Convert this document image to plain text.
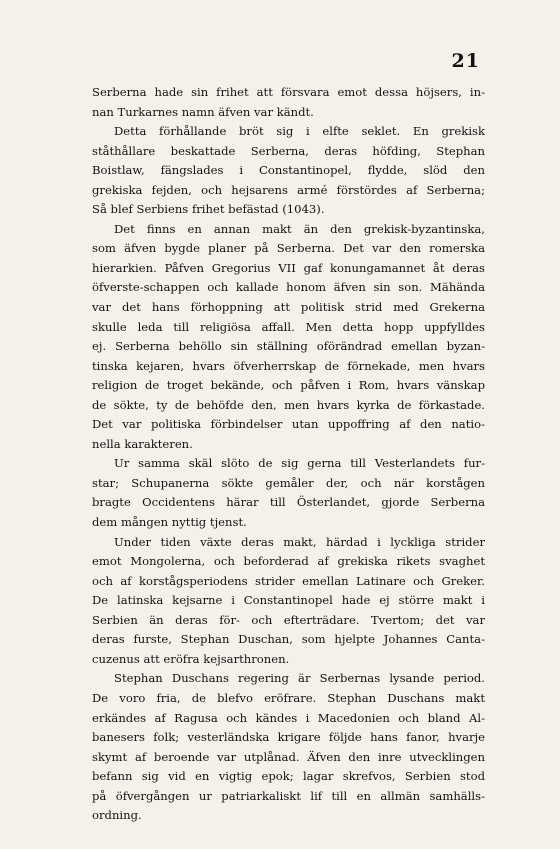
21
Serberna hade sin frihet att försvara emot dessa höjsers, in-
nan Turkarnes namn äfven var kändt.
Detta förhållande bröt sig i elfte seklet. En grekisk
ståthållare beskattade Serberna, deras höfding, Stephan
Boistlaw, fängslades i Constantinopel, flydde, slöd den
grekiska fejden, och hejsarens armé förstördes af Serberna;
Så blef Serbiens frihet befästad (1043).
Det finns en annan makt än den grekisk-byzantinska,
som äfven bygde planer på Serberna. Det var den romerska
hierarkien. Påfven Gregorius VII gaf konungamannet åt deras
öfverste-schappen och kallade honom äfven sin son. Mähända
var det hans förhoppning att politisk strid med Grekerna
skulle leda till religiösa affall. Men detta hopp uppfylldes
ej. Serberna behöllo sin ställning oförändrad emellan byzan-
tinska kejaren, hvars öfverherrskap de förnekade, men hvars
religion de troget bekände, och påfven i Rom, hvars vänskap
de sökte, ty de behöfde den, men hvars kyrka de förkastade.
Det var politiska förbindelser utan uppoffring af den natio-
nella karakteren.
Ur samma skäl slöto de sig gerna till Vesterlandets fur-
star; Schupanerna sökte gemåler der, och när korstågen
bragte Occidentens härar till Österlandet, gjorde Serberna
dem mången nyttig tjenst.
Under tiden växte deras makt, härdad i lyckliga strider
emot Mongolerna, och beforderad af grekiska rikets svaghet
och af korstågsperiodens strider emellan Latinare och Greker.
De latinska kejsarne i Constantinopel hade ej större makt i
Serbien än deras för- och efterträdare. Tvertom; det var
deras furste, Stephan Duschan, som hjelpte Johannes Canta-
cuzenus att eröfra kejsarthronen.
Stephan Duschans regering är Serbernas lysande period.
De voro fria, de blefvo eröfrare. Stephan Duschans makt
erkändes af Ragusa och kändes i Macedonien och bland Al-
banesers folk; vesterländska krigare följde hans fanor, hvarje
skymt af beroende var utplånad. Äfven den inre utvecklingen
befann sig vid en vigtig epok; lagar skrefvos, Serbien stod
på öfvergången ur patriarkaliskt lif till en allmän samhälls-
ordning.
